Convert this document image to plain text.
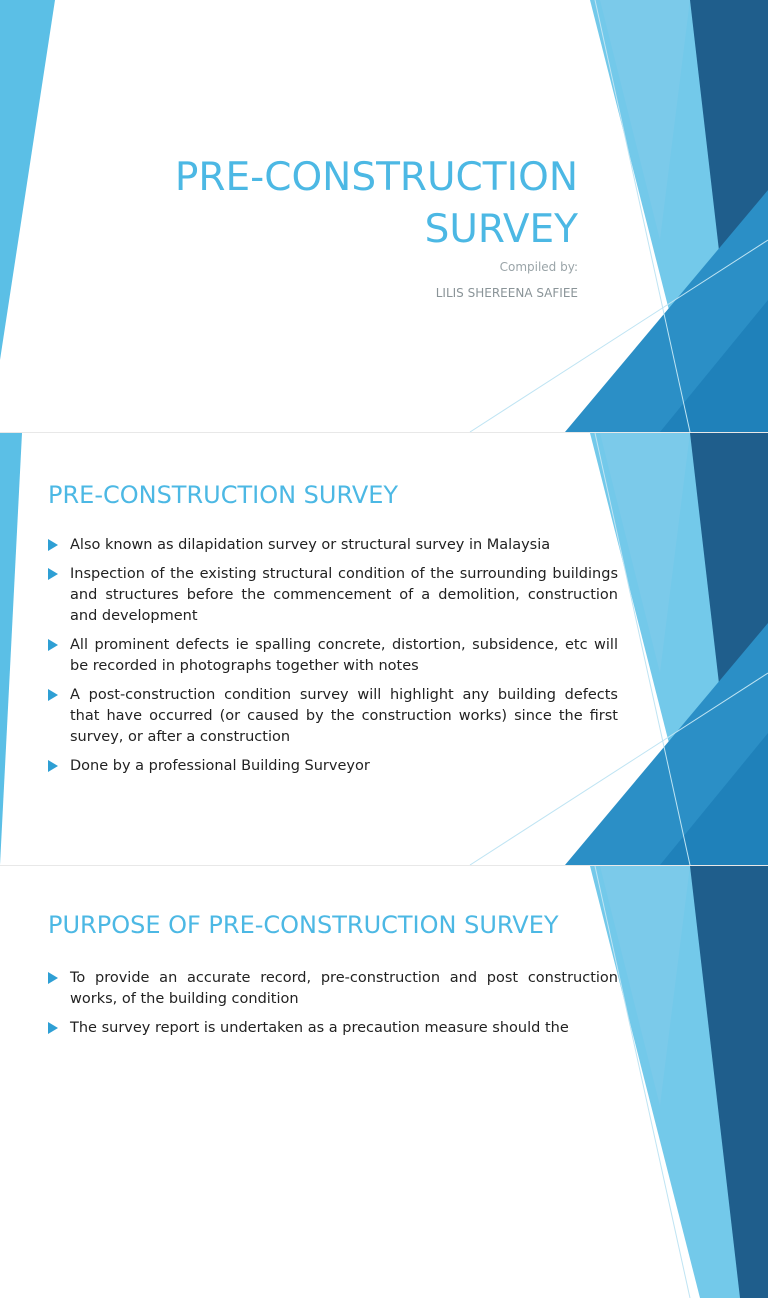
PRE-CONSTRUCTION
SURVEY
Compiled by:
LILIS SHEREENA SAFIEE
PRE-CONSTRUCTION SURVEY
Also known as dilapidation survey or structural survey in Malaysia
Inspection of the existing structural condition of the surrounding buildings and structures before the commencement of a demolition, construction and development
All prominent defects ie spalling concrete, distortion, subsidence, etc will be recorded in photographs together with notes
A post-construction condition survey will highlight any building defects that have occurred (or caused by the construction works) since the first survey, or after a construction
Done by a professional Building Surveyor
PURPOSE OF PRE-CONSTRUCTION SURVEY
To provide an accurate record, pre-construction and post construction works, of the building condition
The survey report is undertaken as a precaution measure should the
